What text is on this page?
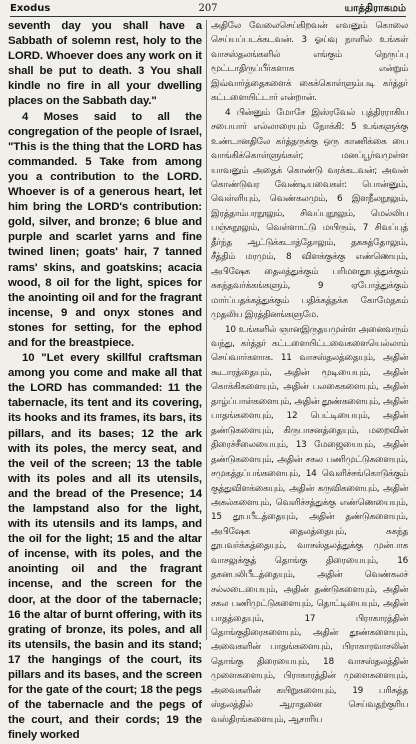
Exodus	207	யாத்திராகமம்

seventh day you shall have a Sabbath of solemn rest, holy to the LORD. Whoever does any work on it shall be put to death. 3 You shall kindle no fire in all your dwelling places on the Sabbath day."

4 Moses said to all the congregation of the people of Israel, "This is the thing that the LORD has commanded. 5 Take from among you a contribution to the LORD. Whoever is of a generous heart, let him bring the LORD's contribution: gold, silver, and bronze; 6 blue and purple and scarlet yarns and fine twined linen; goats' hair, 7 tanned rams' skins, and goatskins; acacia wood, 8 oil for the light, spices for the anointing oil and for the fragrant incense, 9 and onyx stones and stones for setting, for the ephod and for the breastpiece.

10 "Let every skillful craftsman among you come and make all that the LORD has commanded: 11 the tabernacle, its tent and its covering, its hooks and its frames, its bars, its pillars, and its bases; 12 the ark with its poles, the mercy seat, and the veil of the screen; 13 the table with its poles and all its utensils, and the bread of the Presence; 14 the lampstand also for the light, with its utensils and its lamps, and the oil for the light; 15 and the altar of incense, with its poles, and the anointing oil and the fragrant incense, and the screen for the door, at the door of the tabernacle; 16 the altar of burnt offering, with its grating of bronze, its poles, and all its utensils, the basin and its stand; 17 the hangings of the court, its pillars and its bases, and the screen for the gate of the court; 18 the pegs of the tabernacle and the pegs of the court, and their cords; 19 the finely worked

அதிலே வேலைசெய்கிறவன் எவனும் கொலை செய்யப்படக்கடவன். 3 ஓய்வு நாளில் உங்கள் வாசஸ்தலங்களில் எங்கும் நெருப்பு மூட்டாதிருப்பீர்களாக என்றும் இவ்வார்த்தைகளைக் கைக்கொள்ளும்படி கர்த்தர் கட்டளையிட்டார் என்றான்.

4 பின்னும் மோசே இஸ்ரவேல் புத்திரராகிய சபையார் எல்லாரையும் நோக்கி: 5 உங்களுக்கு உண்டானதிலே கர்த்தருக்கு ஒரு காணிக்கை யை வாங்கிக்கொள்ளுங்கள்; மனப்பூர்வமுள்ள யாவனும் அதைக் கொண்டு வரக்கடவன்; அவன் கொண்டுவர வேண்டியவைகள்: பொன்னும், வெள்ளியும், வெண்கலமும், 6 இளநீலநூலும், இரத்தாம்பரநூலும், சிவப்புநூலும், மெல்லிய பஞ்சுநூலும், வெள்ளாட்டு மயிரும், 7 சிவப்புத் தீர்ந்த ஆட்டுக்கடாத்தோலும், தகசுத்தோலும், சீத்திம் மரமும், 8 விளக்குக்கு எண்ணெயும், அபிஷேக தைலத்துக்கும் பரிமளதூபத்துக்கும் சுகந்தவர்க்கங்களும், 9 ஏபோத்துக்கும் மார்ப்பதக்கத்துக்கும் பதிக்கத்தக்க கோமேதகம் முதலிய இரத்தினங்களுமே.

10 உங்களில் ஞானஇருதயமுள்ள அனைவரும் வந்து, கர்த்தர் கட்டளையிட்டவைகளையெல்லாம் செய்வார்களாக. 11 வாசஸ்தலத்தையும், அதின் கூடாரத்தையும், அதின் மூடியையும், அதின் கொக்கிகளையும், அதின் பலகைகளையும், அதின் தாழ்ப்பாள்களையும், அதின் தூண்களையும், அதின் பாதங்களையும், 12 பெட்டியையும், அதின் தண்டுகளையும், கிருபாசனத்தையும், மறைவின் திரைச்சீலையையும், 13 மேஜையையும், அதின் தண்டுகளையும், அதின் சகல பணிமுட்டுகளையும், சமுகத்தப்பங்களையும், 14 வெளிச்சங்கொடுக்கும் குத்துவிளக்கையும், அதின் கருவிகளையும், அதின் அகல்களையும், வெளிச்சத்துக்கு எண்ணெயையும், 15 தூபபீடத்தையும், அதின் தண்டுகளையும், அபிஷேக தைலத்தையும், சுகந்த தூபவர்க்கத்தையும், வாசஸ்தலத்துக்கு முன்பாக வாசலுக்குத் தொங்கு திரையையும், 16 தகனபலிபீடத்தையும், அதின் வெண்கலச் சல்லடையையும், அதின் தண்டுகளையும், அதின் சகல பணிமுட்டுகளையும், தொட்டியையும், அதின் பாதத்தையும், 17 பிராகாரத்தின் தொங்குதிரைகளையும், அதின் தூண்களையும், அவைகளின் பாதங்களையும், பிராகாரவாசலின் தொங்கு திரையையும், 18 வாசஸ்தலத்தின் முளைகளையும், பிராகாரத்தின் முளைகளையும், அவைகளின் கயிறுகளையும், 19 பரிசுத்த ஸ்தலத்தில் ஆராதனை செய்வதற்குரிய வஸ்திரங்களையும், ஆசாரிய
